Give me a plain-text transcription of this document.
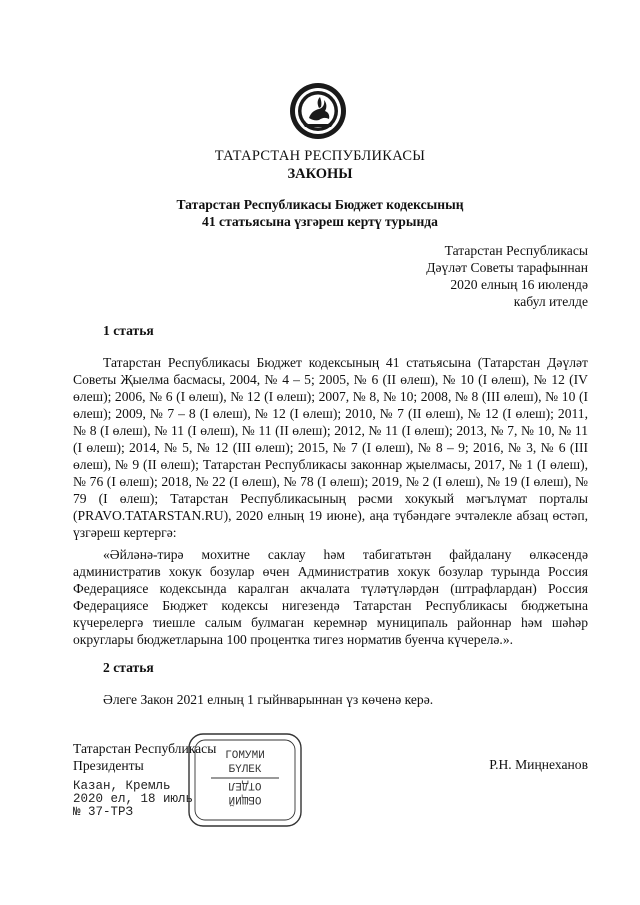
ТАТАРСТАН РЕСПУБЛИКАСЫ
ЗАКОНЫ
Татарстан Республикасы Бюджет кодексының
41 статьясына үзгәреш кертү турында
Татарстан Республикасы
Дәүләт Советы тарафыннан
2020 елның 16 июлендә
кабул ителде
1 статья
Татарстан Республикасы Бюджет кодексының 41 статьясына (Татарстан Дәүләт Советы Җыелма басмасы, 2004, № 4 – 5; 2005, № 6 (II өлеш), № 10 (I өлеш), № 12 (IV өлеш); 2006, № 6 (I өлеш), № 12 (I өлеш); 2007, № 8, № 10; 2008, № 8 (III өлеш), № 10 (I өлеш); 2009, № 7 – 8 (I өлеш), № 12 (I өлеш); 2010, № 7 (II өлеш), № 12 (I өлеш); 2011, № 8 (I өлеш), № 11 (I өлеш), № 11 (II өлеш); 2012, № 11 (I өлеш); 2013, № 7, № 10, № 11 (I өлеш); 2014, № 5, № 12 (III өлеш); 2015, № 7 (I өлеш), № 8 – 9; 2016, № 3, № 6 (III өлеш), № 9 (II өлеш); Татарстан Республикасы законнар җыелмасы, 2017, № 1 (I өлеш), № 76 (I өлеш); 2018, № 22 (I өлеш), № 78 (I өлеш); 2019, № 2 (I өлеш), № 19 (I өлеш), № 79 (I өлеш); Татарстан Республикасының рәсми хокукый мәгълүмат порталы (PRAVO.TATARSTAN.RU), 2020 елның 19 июне), аңа түбәндәге эчтәлекле абзац өстәп, үзгәреш кертергә:
«Әйләнә-тирә мохитне саклау һәм табигатьтән файдалану өлкәсендә административ хокук бозулар өчен Административ хокук бозулар турында Россия Федерациясе кодексында каралган акчалата түләтүләрдән (штрафлардан) Россия Федерациясе Бюджет кодексы нигезендә Татарстан Республикасы бюджетына күчерелергә тиешле салым булмаган керемнәр муниципаль районнар һәм шәһәр округлары бюджетларына 100 процентка тигез норматив буенча күчерелә.».
2 статья
Әлеге Закон 2021 елның 1 гыйнварыннан үз көченә керә.
Татарстан Республикасы
Президенты	Р.Н. Миңнеханов
Казан, Кремль
2020 ел, 18 июль
№ 37-ТРЗ
ГОМУМИ
БҮЛЕК
ОТДЕЛ
ОБЩИЙ
